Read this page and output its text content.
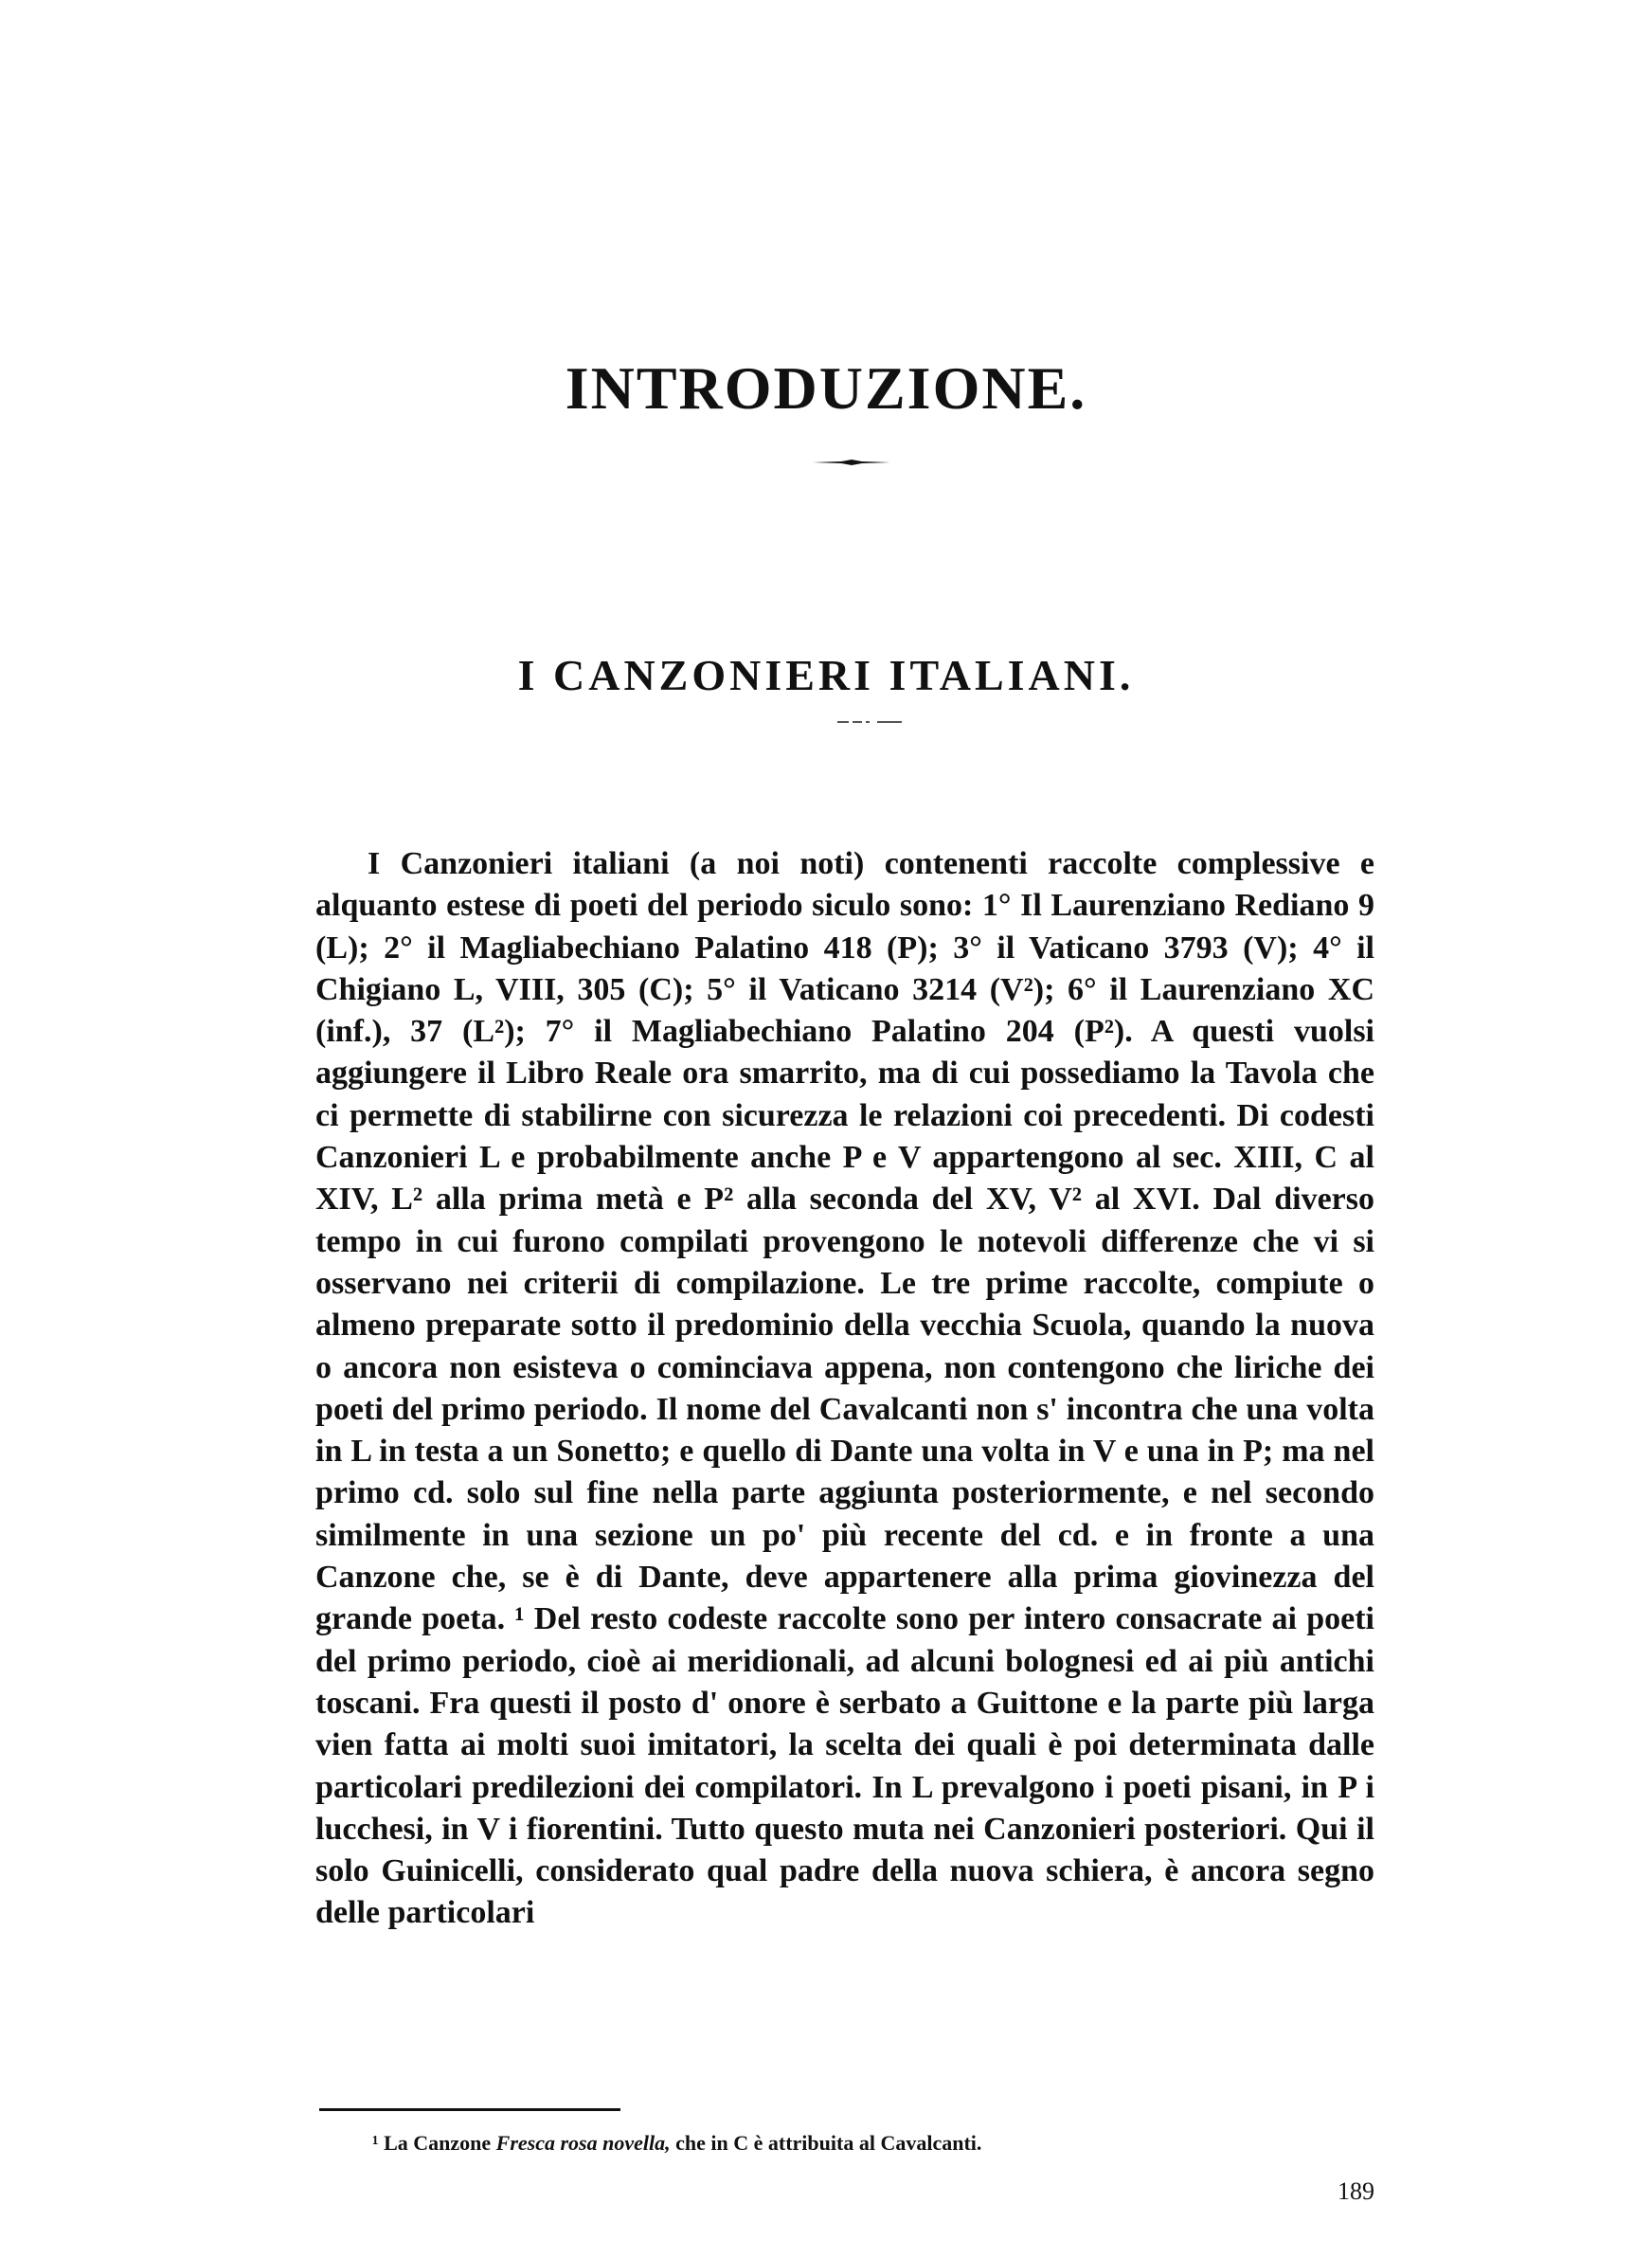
INTRODUZIONE.
I CANZONIERI ITALIANI.

I Canzonieri italiani (a noi noti) contenenti raccolte complessive e alquanto estese di poeti del periodo siculo sono: 1° Il Laurenziano Rediano 9 (L); 2° il Magliabechiano Palatino 418 (P); 3° il Vaticano 3793 (V); 4° il Chigiano L, VIII, 305 (C); 5° il Vaticano 3214 (V²); 6° il Laurenziano XC (inf.), 37 (L²); 7° il Magliabechiano Palatino 204 (P²). A questi vuolsi aggiungere il Libro Reale ora smarrito, ma di cui possediamo la Tavola che ci permette di stabilirne con sicurezza le relazioni coi precedenti. Di codesti Canzonieri L e probabilmente anche P e V appartengono al sec. XIII, C al XIV, L² alla prima metà e P² alla seconda del XV, V² al XVI. Dal diverso tempo in cui furono compilati provengono le notevoli differenze che vi si osservano nei criterii di compilazione. Le tre prime raccolte, compiute o almeno preparate sotto il predominio della vecchia Scuola, quando la nuova o ancora non esisteva o cominciava appena, non contengono che liriche dei poeti del primo periodo. Il nome del Cavalcanti non s' incontra che una volta in L in testa a un Sonetto; e quello di Dante una volta in V e una in P; ma nel primo cd. solo sul fine nella parte aggiunta posteriormente, e nel secondo similmente in una sezione un po' più recente del cd. e in fronte a una Canzone che, se è di Dante, deve appartenere alla prima giovinezza del grande poeta. ¹ Del resto codeste raccolte sono per intero consacrate ai poeti del primo periodo, cioè ai meridionali, ad alcuni bolognesi ed ai più antichi toscani. Fra questi il posto d' onore è serbato a Guittone e la parte più larga vien fatta ai molti suoi imitatori, la scelta dei quali è poi determinata dalle particolari predilezioni dei compilatori. In L prevalgono i poeti pisani, in P i lucchesi, in V i fiorentini. Tutto questo muta nei Canzonieri posteriori. Qui il solo Guinicelli, considerato qual padre della nuova schiera, è ancora segno delle particolari

¹ La Canzone Fresca rosa novella, che in C è attribuita al Cavalcanti.
189
